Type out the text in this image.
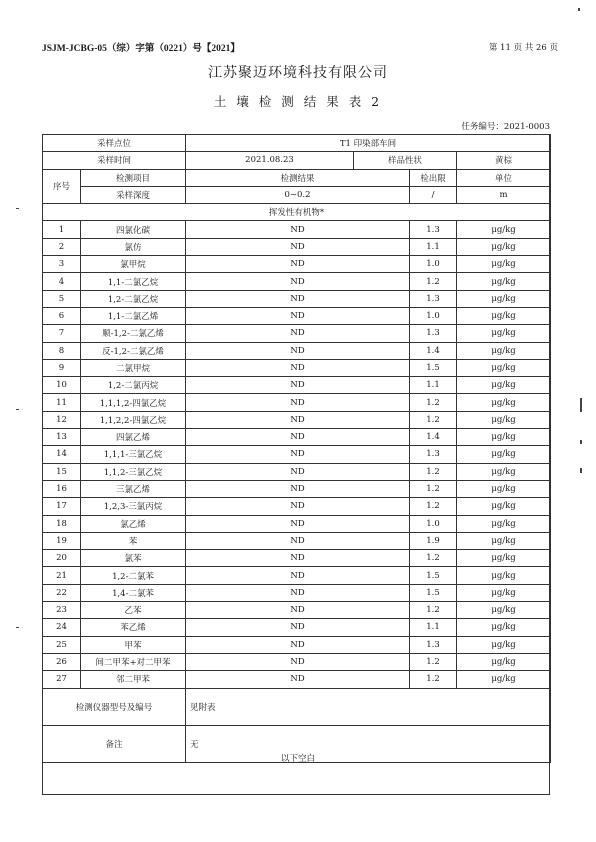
JSJM-JCBG-05（综）字第（0221）号【2021】	第 11 页 共 26 页
江苏聚迈环境科技有限公司
土 壤 检 测 结 果 表 2
任务编号：2021-0003
采样点位		T1 印染部车间			
采样时间		2021.08.23	样品性状		黄棕
序号	检测项目	检测结果		检出限	单位
	采样深度	0~0.2		/	m
挥发性有机物*					
1	四氯化碳	ND		1.3	μg/kg
2	氯仿	ND		1.1	μg/kg
3	氯甲烷	ND		1.0	μg/kg
4	1,1-二氯乙烷	ND		1.2	μg/kg
5	1,2-二氯乙烷	ND		1.3	μg/kg
6	1,1-二氯乙烯	ND		1.0	μg/kg
7	顺-1,2-二氯乙烯	ND		1.3	μg/kg
8	反-1,2-二氯乙烯	ND		1.4	μg/kg
9	二氯甲烷	ND		1.5	μg/kg
10	1,2-二氯丙烷	ND		1.1	μg/kg
11	1,1,1,2-四氯乙烷	ND		1.2	μg/kg
12	1,1,2,2-四氯乙烷	ND		1.2	μg/kg
13	四氯乙烯	ND		1.4	μg/kg
14	1,1,1-三氯乙烷	ND		1.3	μg/kg
15	1,1,2-三氯乙烷	ND		1.2	μg/kg
16	三氯乙烯	ND		1.2	μg/kg
17	1,2,3-三氯丙烷	ND		1.2	μg/kg
18	氯乙烯	ND		1.0	μg/kg
19	苯	ND		1.9	μg/kg
20	氯苯	ND		1.2	μg/kg
21	1,2-二氯苯	ND		1.5	μg/kg
22	1,4-二氯苯	ND		1.5	μg/kg
23	乙苯	ND		1.2	μg/kg
24	苯乙烯	ND		1.1	μg/kg
25	甲苯	ND		1.3	μg/kg
26	间二甲苯+对二甲苯	ND		1.2	μg/kg
27	邻二甲苯	ND		1.2	μg/kg
检测仪器型号及编号		见附表			
备注		无			
以下空白
